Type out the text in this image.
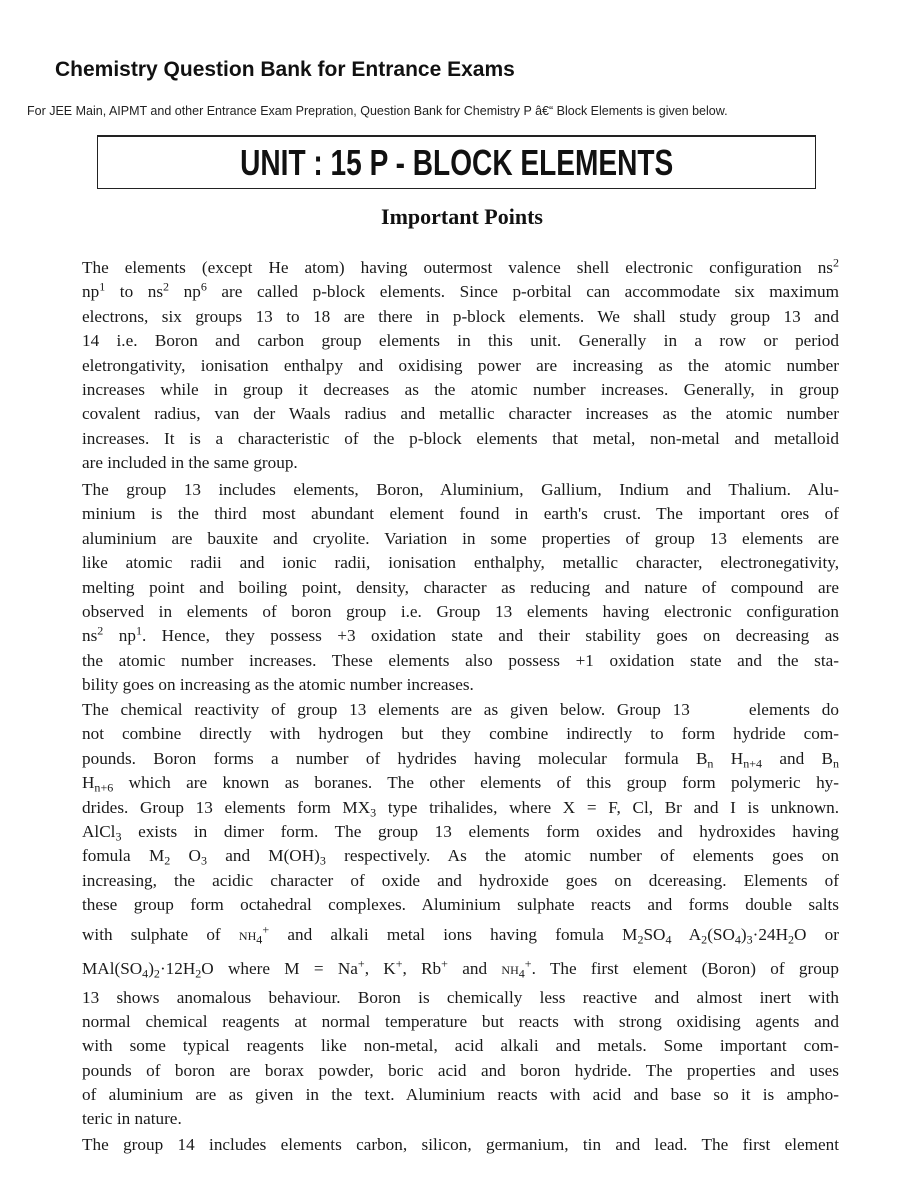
Chemistry Question Bank for Entrance Exams
For JEE Main, AIPMT and other Entrance Exam Prepration, Question Bank for Chemistry P â€“ Block Elements is given below.
UNIT : 15 P - BLOCK ELEMENTS
Important Points
The elements (except He atom) having outermost valence shell electronic configuration $ns^2$
$np^1$ to $ns^2$ $np^6$ are called p-block elements. Since p-orbital can accommodate six maximum
electrons, six groups 13 to 18 are there in p-block elements. We shall study group 13 and
14 i.e. Boron and carbon group elements in this unit. Generally in a row or period
eletrongativity, ionisation enthalpy and oxidising power are increasing as the atomic number
increases while in group it decreases as the atomic number increases. Generally, in group
covalent radius, van der Waals radius and metallic character increases as the atomic number
increases. It is a characteristic of the p-block elements that metal, non-metal and metalloid
are included in the same group.
The group 13 includes elements, Boron, Aluminium, Gallium, Indium and Thalium. Alu-
minium is the third most abundant element found in earth's crust. The important ores of
aluminium are bauxite and cryolite. Variation in some properties of group 13 elements are
like atomic radii and ionic radii, ionisation enthalphy, metallic character, electronegativity,
melting point and boiling point, density, character as reducing and nature of compound are
observed in elements of boron group i.e. Group 13 elements having electronic configuration
$ns^2$ $np^1$. Hence, they possess +3 oxidation state and their stability goes on decreasing as
the atomic number increases. These elements also possess +1 oxidation state and the sta-
bility goes on increasing as the atomic number increases.
The chemical reactivity of group 13 elements are as given below. Group 13     elements do
not combine directly with hydrogen but they combine indirectly to form hydride com-
pounds. Boron forms a number of hydrides having molecular formula $B_n$ $H_{n+4}$ and $B_n$
$H_{n+6}$ which are known as boranes. The other elements of this group form polymeric hy-
drides. Group 13 elements form $MX_3$ type trihalides, where X = F, Cl, Br and I is unknown.
AlCl$_3$ exists in dimer form. The group 13 elements form oxides and hydroxides having
fomula $M_2$ $O_3$ and $M(OH)_3$ respectively. As the atomic number of elements goes on
increasing, the acidic character of oxide and hydroxide goes on dcereasing. Elements of
these group form octahedral complexes. Aluminium sulphate reacts and forms double salts
with sulphate of $NH_4^+$ and alkali metal ions having fomula $M_2SO_4$ $A_2(SO_4)_3\cdot 24H_2O$ or
$MAl(SO_4)_2\cdot 12H_2O$ where M = Na+, K+, Rb+ and $NH_4^+$. The first element (Boron) of group
13 shows anomalous behaviour. Boron is chemically less reactive and almost inert with
normal chemical reagents at normal temperature but reacts with strong oxidising agents and
with some typical reagents like non-metal, acid alkali and metals. Some important com-
pounds of boron are borax powder, boric acid and boron hydride. The properties and uses
of aluminium are as given in the text. Aluminium reacts with acid and base so it is ampho-
teric in nature.
The group 14 includes elements carbon, silicon, germanium, tin and lead. The first element
